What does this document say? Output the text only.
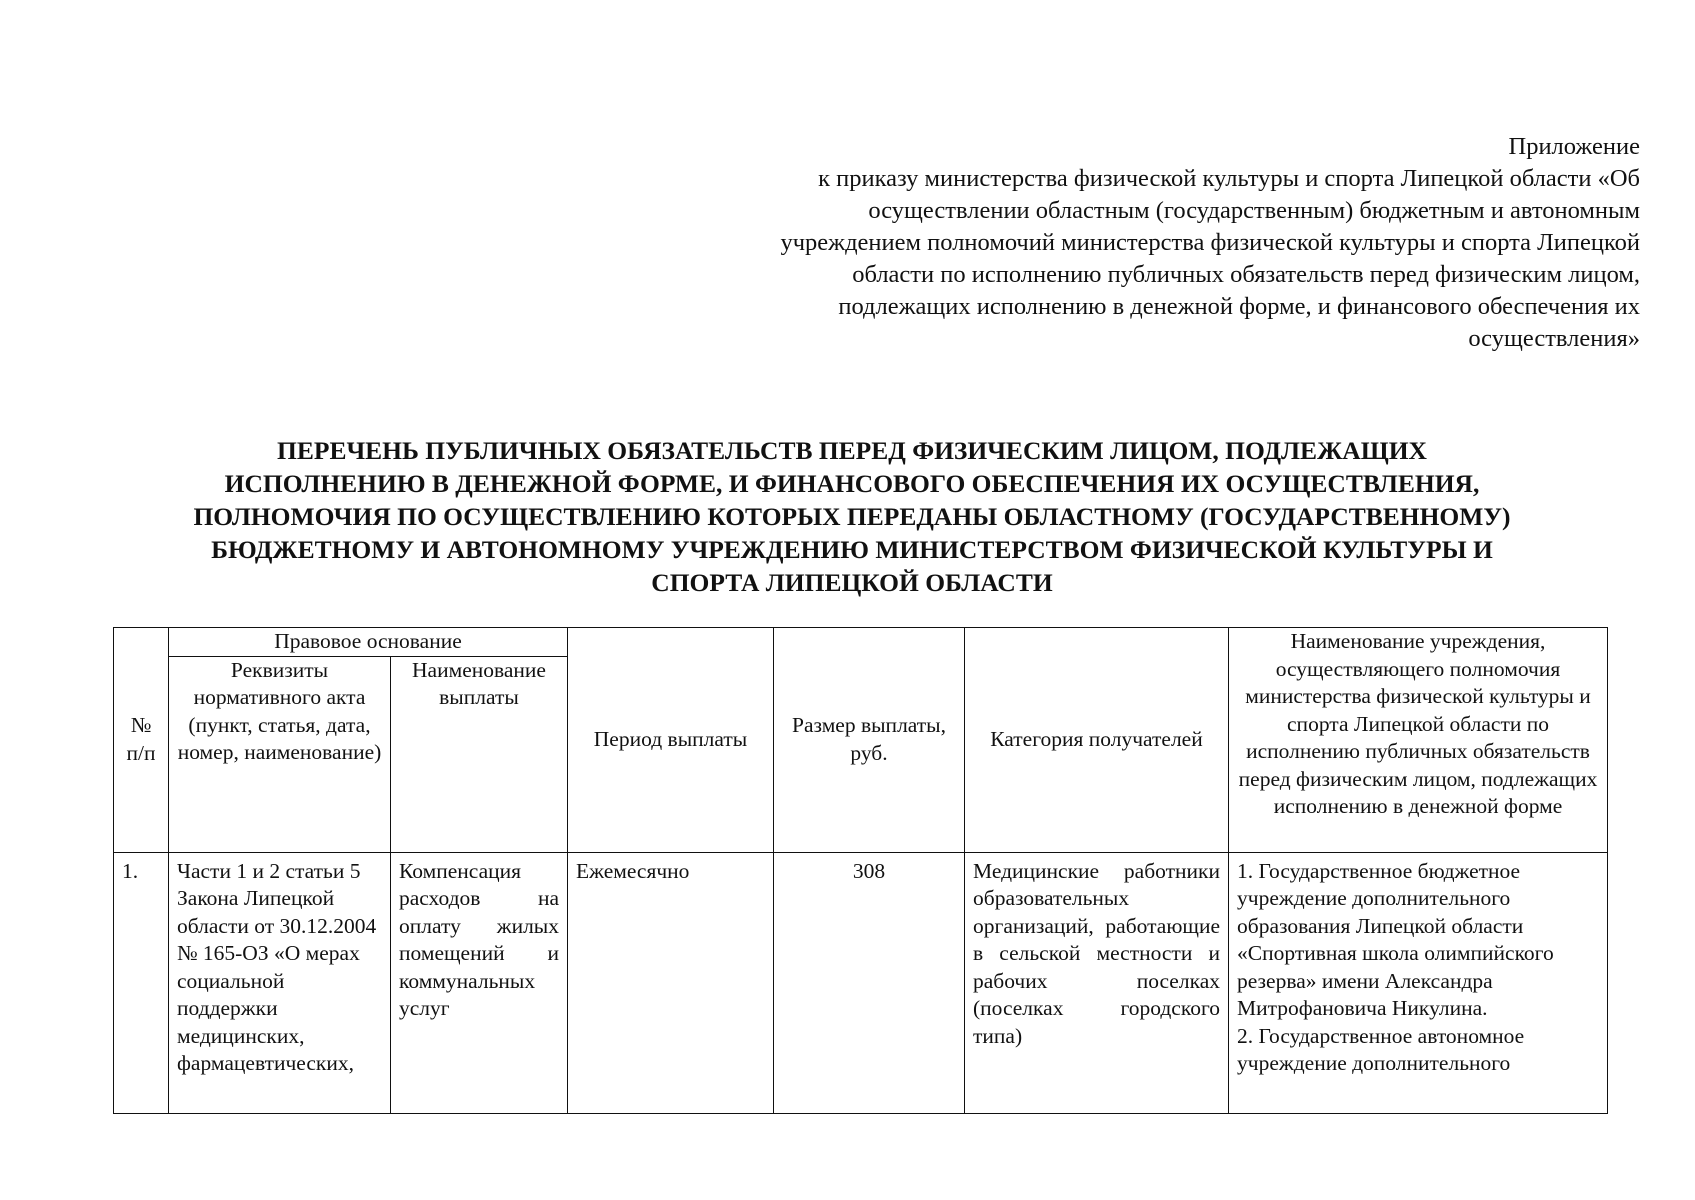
Приложение
к приказу министерства физической культуры и спорта Липецкой области «Об
осуществлении областным (государственным) бюджетным и автономным
учреждением полномочий министерства физической культуры и спорта Липецкой
области по исполнению публичных обязательств перед физическим лицом,
подлежащих исполнению в денежной форме, и финансового обеспечения их
осуществления»
ПЕРЕЧЕНЬ ПУБЛИЧНЫХ ОБЯЗАТЕЛЬСТВ ПЕРЕД ФИЗИЧЕСКИМ ЛИЦОМ, ПОДЛЕЖАЩИХ
ИСПОЛНЕНИЮ В ДЕНЕЖНОЙ ФОРМЕ, И ФИНАНСОВОГО ОБЕСПЕЧЕНИЯ ИХ ОСУЩЕСТВЛЕНИЯ,
ПОЛНОМОЧИЯ ПО ОСУЩЕСТВЛЕНИЮ КОТОРЫХ ПЕРЕДАНЫ ОБЛАСТНОМУ (ГОСУДАРСТВЕННОМУ)
БЮДЖЕТНОМУ И АВТОНОМНОМУ УЧРЕЖДЕНИЮ МИНИСТЕРСТВОМ ФИЗИЧЕСКОЙ КУЛЬТУРЫ И
СПОРТА ЛИПЕЦКОЙ ОБЛАСТИ
№ п/п	Правовое основание		Период выплаты	Размер выплаты, руб.	Категория получателей	Наименование учреждения, осуществляющего полномочия министерства физической культуры и спорта Липецкой области по исполнению публичных обязательств перед физическим лицом, подлежащих исполнению в денежной форме
	Реквизиты нормативного акта (пункт, статья, дата, номер, наименование)	Наименование выплаты				
1.	Части 1 и 2 статьи 5 Закона Липецкой области от 30.12.2004 № 165-ОЗ «О мерах социальной поддержки медицинских, фармацевтических,	Компенсация расходов на оплату жилых помещений и коммунальных услуг	Ежемесячно	308	Медицинские работники образовательных организаций, работающие в сельской местности и рабочих поселках (поселках городского типа)	1. Государственное бюджетное учреждение дополнительного образования Липецкой области «Спортивная школа олимпийского резерва» имени Александра Митрофановича Никулина.
2. Государственное автономное учреждение дополнительного
